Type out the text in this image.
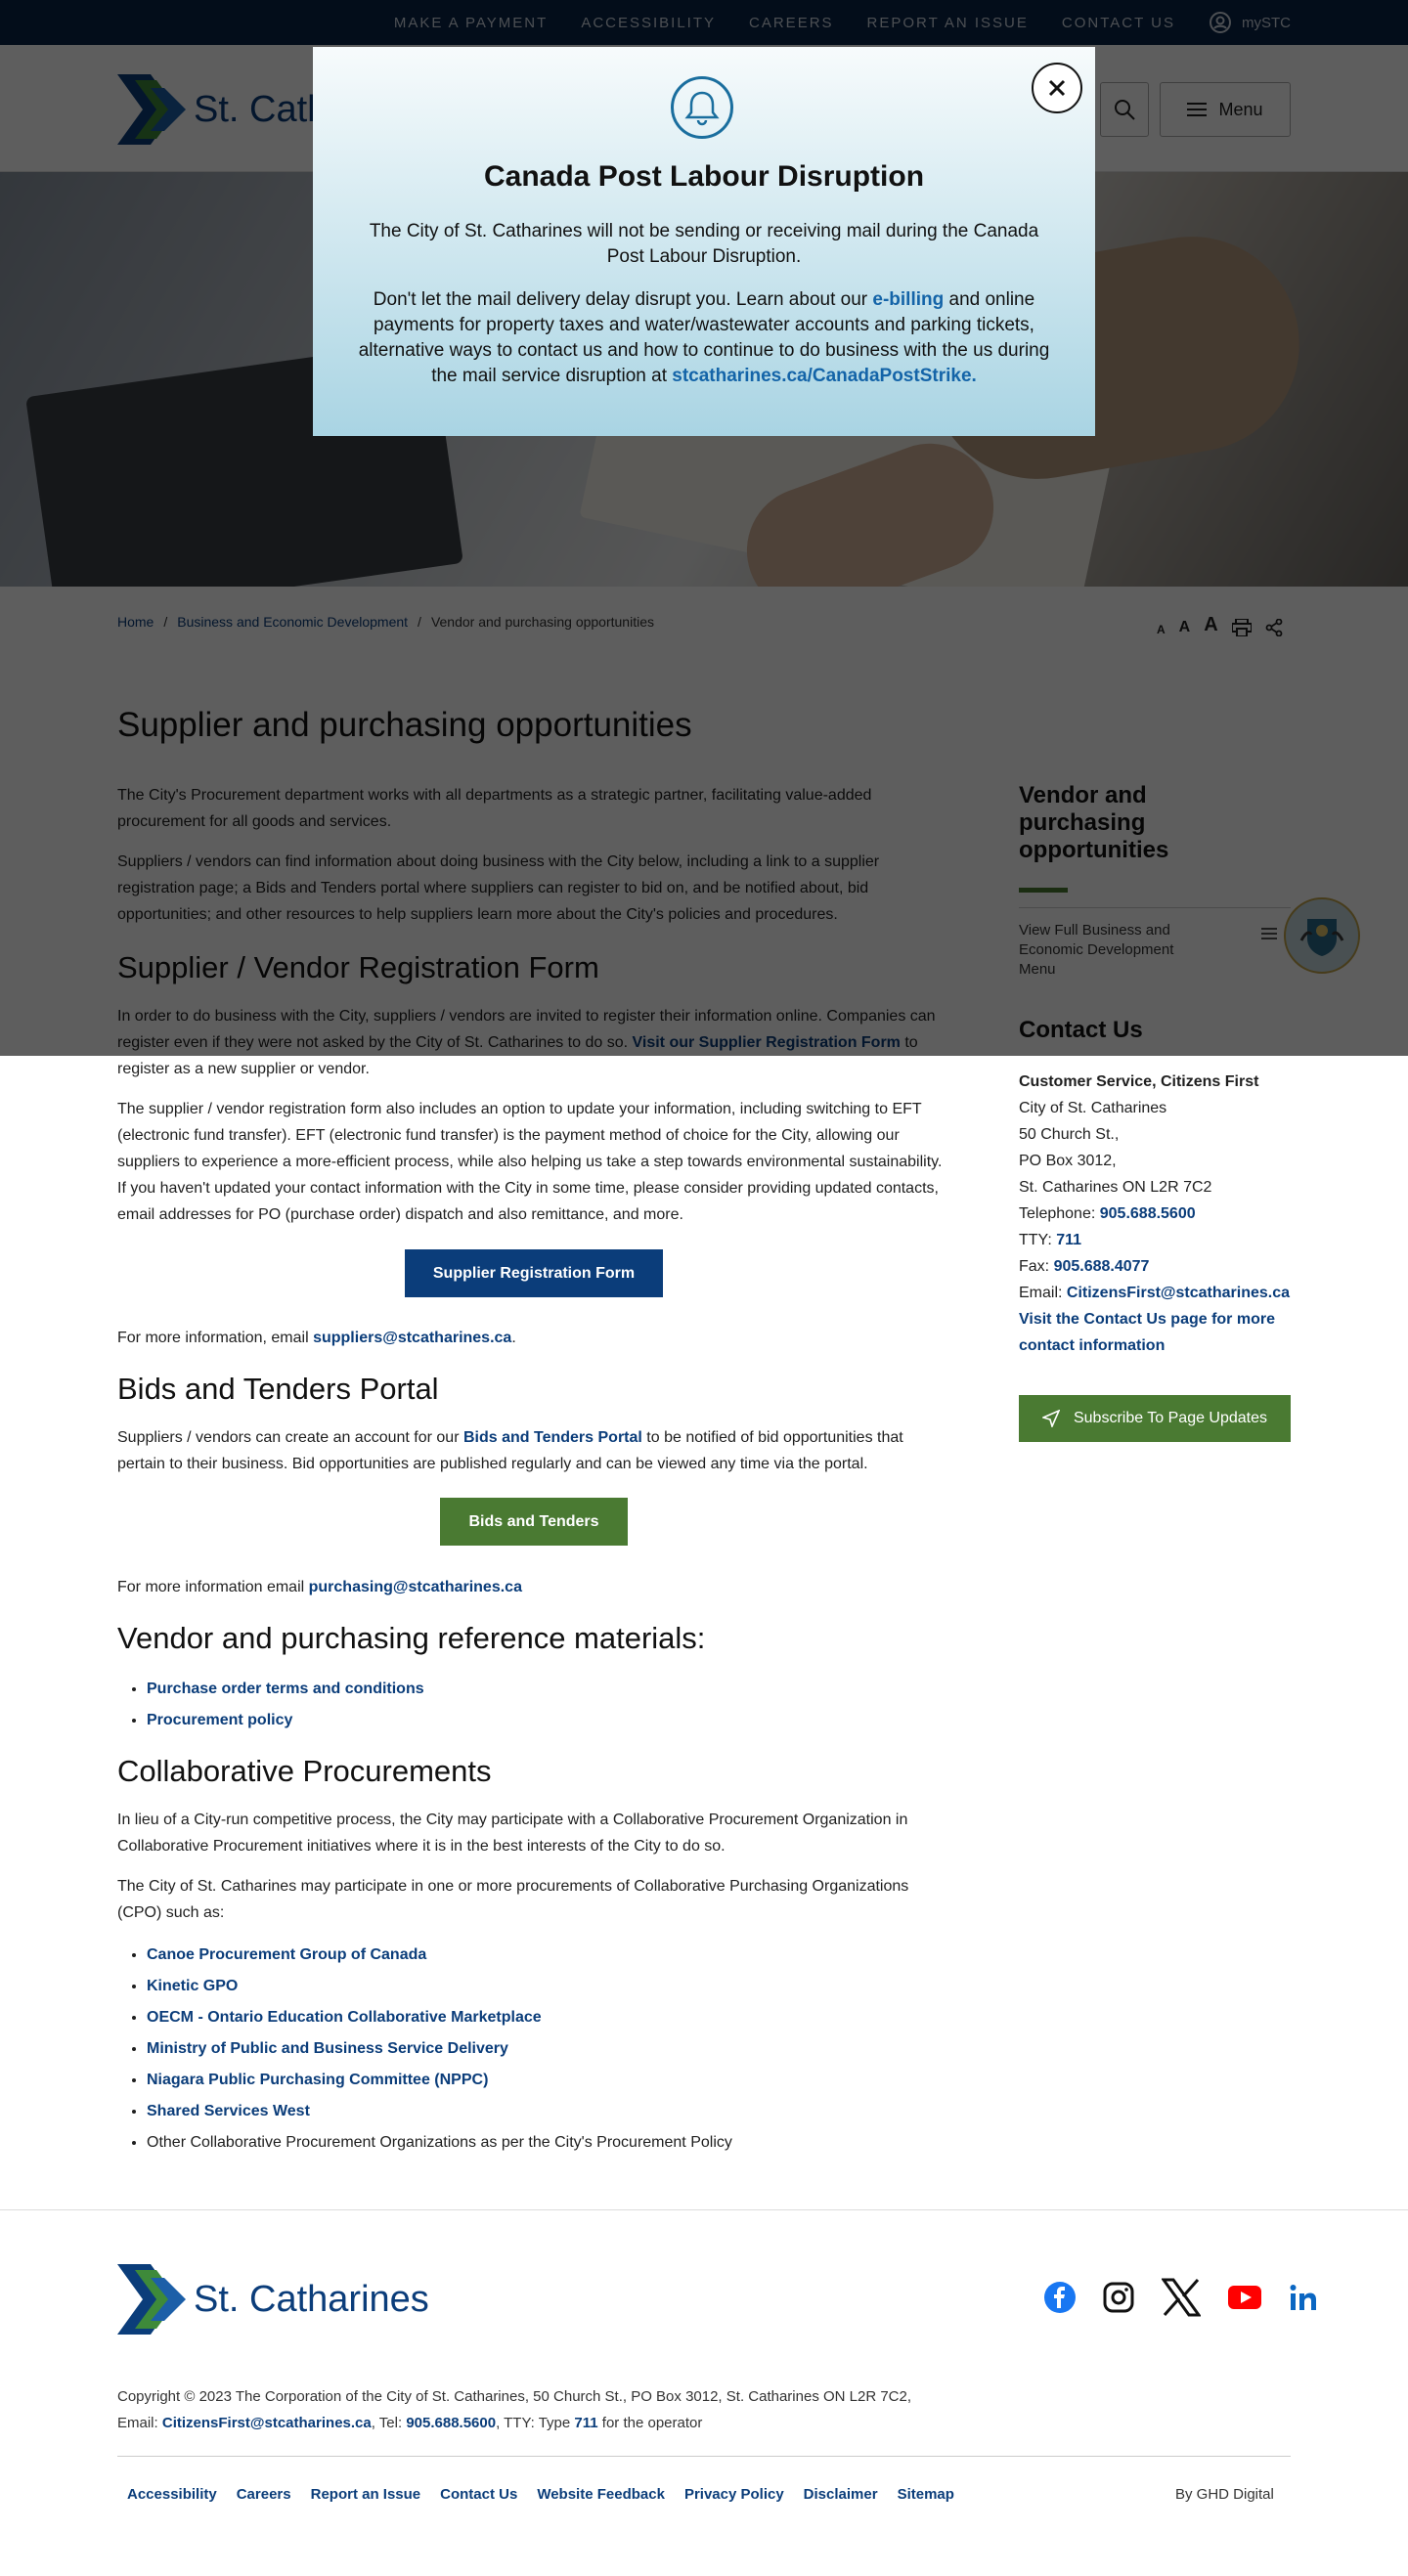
register as a new supplier or vendor.

The supplier / vendor registration form also includes an option to update your information, including switching to EFT (electronic fund transfer). EFT (electronic fund transfer) is the payment method of choice for the City, allowing our suppliers to experience a more-efficient process, while also helping us take a step towards environmental sustainability. If you haven't updated your contact information with the City in some time, please consider providing updated contacts, email addresses for PO (purchase order) dispatch and also remittance, and more.

Supplier Registration Form

For more information, email suppliers@stcatharines.ca.

Bids and Tenders Portal

Suppliers / vendors can create an account for our Bids and Tenders Portal to be notified of bid opportunities that pertain to their business. Bid opportunities are published regularly and can be viewed any time via the portal.

Bids and Tenders

For more information email purchasing@stcatharines.ca

Vendor and purchasing reference materials:
• Purchase order terms and conditions
• Procurement policy
Collaborative Procurements

In lieu of a City-run competitive process, the City may participate with a Collaborative Procurement Organization in Collaborative Procurement initiatives where it is in the best interests of the City to do so.

The City of St. Catharines may participate in one or more procurements of Collaborative Purchasing Organizations (CPO) such as:

• Canoe Procurement Group of Canada
• Kinetic GPO
• OECM - Ontario Education Collaborative Marketplace
• Ministry of Public and Business Service Delivery
• Niagara Public Purchasing Committee (NPPC)
• Shared Services West
• Other Collaborative Procurement Organizations as per the City's Procurement Policy
Customer Service, Citizens First
City of St. Catharines
50 Church St.,
PO Box 3012,
St. Catharines ON L2R 7C2
Telephone: 905.688.5600
TTY: 711
Fax: 905.688.4077
Email: CitizensFirst@stcatharines.ca
Visit the Contact Us page for more contact information
Subscribe To Page Updates
St. Catharines
Copyright © 2023 The Corporation of the City of St. Catharines, 50 Church St., PO Box 3012, St. Catharines ON L2R 7C2,
Email: CitizensFirst@stcatharines.ca, Tel: 905.688.5600, TTY: Type 711 for the operator
Accessibility Careers Report an Issue Contact Us Website Feedback Privacy Policy Disclaimer Sitemap	By GHD Digital
Canada Post Labour Disruption

The City of St. Catharines will not be sending or receiving mail during the Canada Post Labour Disruption.

Don't let the mail delivery delay disrupt you. Learn about our e-billing and online payments for property taxes and water/wastewater accounts and parking tickets, alternative ways to contact us and how to continue to do business with the us during the mail service disruption at stcatharines.ca/CanadaPostStrike.
